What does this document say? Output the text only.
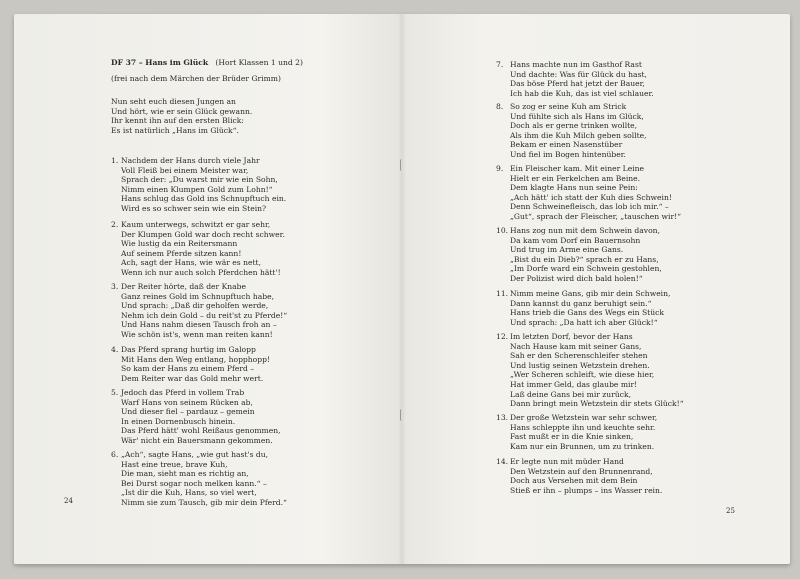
DF 37 – Hans im Glück (Hort Klassen 1 und 2)
(frei nach dem Märchen der Brüder Grimm)
Nun seht euch diesen Jungen an
Und hört, wie er sein Glück gewann.
Ihr kennt ihn auf den ersten Blick:
Es ist natürlich „Hans im Glück“.

1.

Nachdem der Hans durch viele Jahr
Voll Fleiß bei einem Meister war,
Sprach der: „Du warst mir wie ein Sohn,
Nimm einen Klumpen Gold zum Lohn!“
Hans schlug das Gold ins Schnupftuch ein.
Wird es so schwer sein wie ein Stein?

2.

Kaum unterwegs, schwitzt er gar sehr,
Der Klumpen Gold war doch recht schwer.
Wie lustig da ein Reitersmann
Auf seinem Pferde sitzen kann!
Ach, sagt der Hans, wie wär es nett,
Wenn ich nur auch solch Pferdchen hätt'!

3.

Der Reiter hörte, daß der Knabe
Ganz reines Gold im Schnupftuch habe,
Und sprach: „Daß dir geholfen werde,
Nehm ich dein Gold – du reit'st zu Pferde!“
Und Hans nahm diesen Tausch froh an –
Wie schön ist's, wenn man reiten kann!

4.

Das Pferd sprang hurtig im Galopp
Mit Hans den Weg entlang, hopphopp!
So kam der Hans zu einem Pferd –
Dem Reiter war das Gold mehr wert.

5.

Jedoch das Pferd in vollem Trab
Warf Hans von seinem Rücken ab,
Und dieser fiel – pardauz – gemein
In einen Dornenbusch hinein.
Das Pferd hätt' wohl Reißaus genommen,
Wär' nicht ein Bauersmann gekommen.

6.

„Ach“, sagte Hans, „wie gut hast's du,
Hast eine treue, brave Kuh,
Die man, sieht man es richtig an,
Bei Durst sogar noch melken kann.“ –
„Ist dir die Kuh, Hans, so viel wert,
Nimm sie zum Tausch, gib mir dein Pferd.“

24

7.

Hans machte nun im Gasthof Rast
Und dachte: Was für Glück du hast,
Das böse Pferd hat jetzt der Bauer,
Ich hab die Kuh, das ist viel schlauer.

8.

So zog er seine Kuh am Strick
Und fühlte sich als Hans im Glück,
Doch als er gerne trinken wollte,
Als ihm die Kuh Milch geben sollte,
Bekam er einen Nasenstüber
Und fiel im Bogen hintenüber.

9.

Ein Fleischer kam. Mit einer Leine
Hielt er ein Ferkelchen am Beine.
Dem klagte Hans nun seine Pein:
„Ach hätt' ich statt der Kuh dies Schwein!
Denn Schweinefleisch, das lob ich mir.“ –
„Gut“, sprach der Fleischer, „tauschen wir!“

10.

Hans zog nun mit dem Schwein davon,
Da kam vom Dorf ein Bauernsohn
Und trug im Arme eine Gans.
„Bist du ein Dieb?“ sprach er zu Hans,
„Im Dorfe ward ein Schwein gestohlen,
Der Polizist wird dich bald holen!“

11.

Nimm meine Gans, gib mir dein Schwein,
Dann kannst du ganz beruhigt sein.“
Hans trieb die Gans des Wegs ein Stück
Und sprach: „Da hatt ich aber Glück!“

12.

Im letzten Dorf, bevor der Hans
Nach Hause kam mit seiner Gans,
Sah er den Scherenschleifer stehen
Und lustig seinen Wetzstein drehen.
„Wer Scheren schleift, wie diese hier,
Hat immer Geld, das glaube mir!
Laß deine Gans bei mir zurück,
Dann bringt mein Wetzstein dir stets Glück!“

13.

Der große Wetzstein war sehr schwer,
Hans schleppte ihn und keuchte sehr.
Fast mußt er in die Knie sinken,
Kam nur ein Brunnen, um zu trinken.

14.

Er legte nun mit müder Hand
Den Wetzstein auf den Brunnenrand,
Doch aus Versehen mit dem Bein
Stieß er ihn – plumps – ins Wasser rein.

25
